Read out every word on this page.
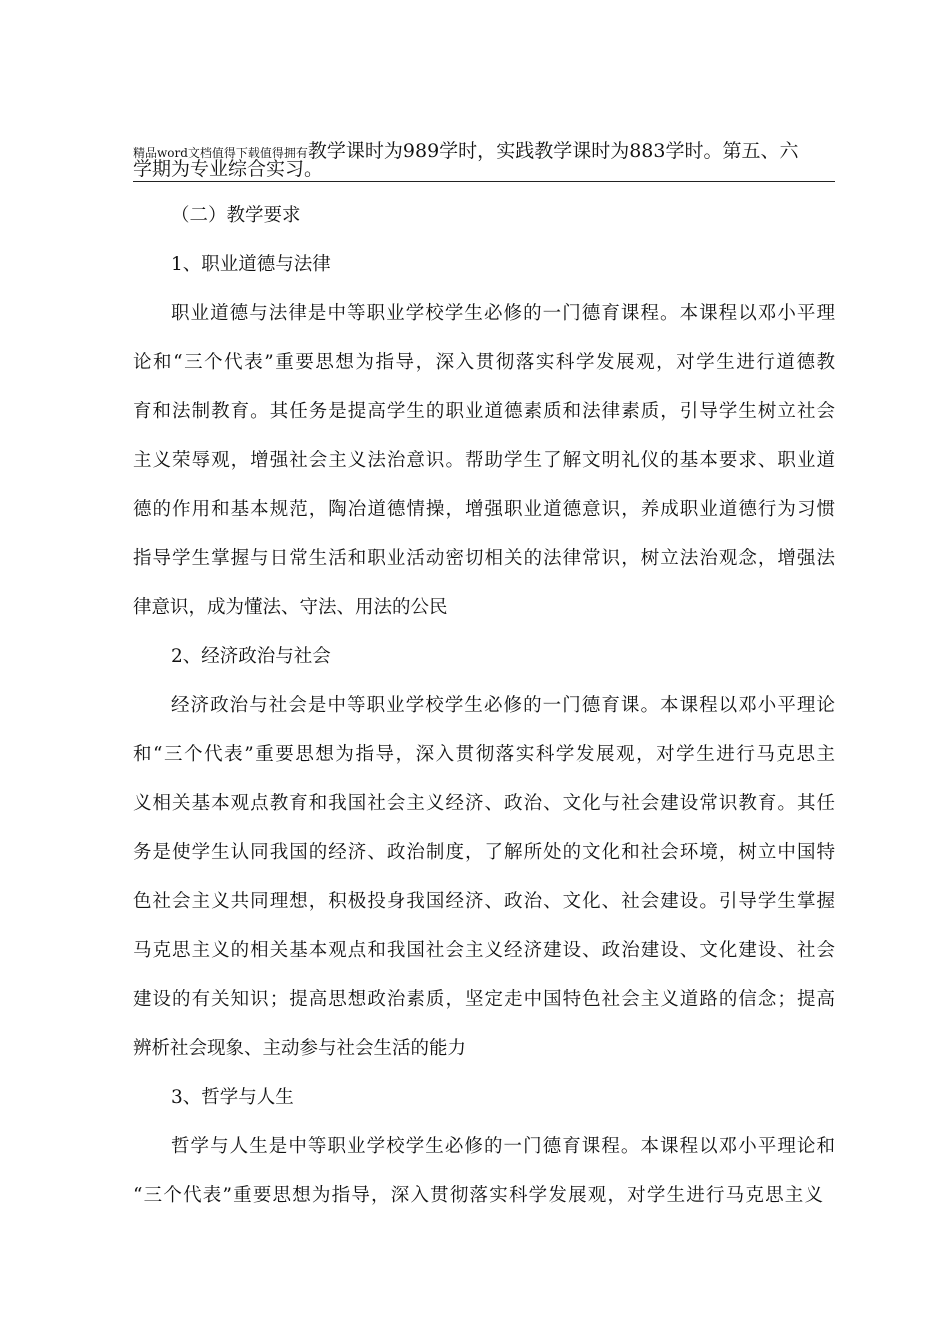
精品word文档值得下载值得拥有教学课时为989学时，实践教学课时为883学时。第五、六
学期为专业综合实习。
（二）教学要求
1、职业道德与法律
职业道德与法律是中等职业学校学生必修的一门德育课程。本课程以邓小平理
论和“三个代表”重要思想为指导，深入贯彻落实科学发展观，对学生进行道德教
育和法制教育。其任务是提高学生的职业道德素质和法律素质，引导学生树立社会
主义荣辱观，增强社会主义法治意识。帮助学生了解文明礼仪的基本要求、职业道
德的作用和基本规范，陶冶道德情操，增强职业道德意识，养成职业道德行为习惯
指导学生掌握与日常生活和职业活动密切相关的法律常识，树立法治观念，增强法
律意识，成为懂法、守法、用法的公民
2、经济政治与社会
经济政治与社会是中等职业学校学生必修的一门德育课。本课程以邓小平理论
和“三个代表”重要思想为指导，深入贯彻落实科学发展观，对学生进行马克思主
义相关基本观点教育和我国社会主义经济、政治、文化与社会建设常识教育。其任
务是使学生认同我国的经济、政治制度，了解所处的文化和社会环境，树立中国特
色社会主义共同理想，积极投身我国经济、政治、文化、社会建设。引导学生掌握
马克思主义的相关基本观点和我国社会主义经济建设、政治建设、文化建设、社会
建设的有关知识；提高思想政治素质，坚定走中国特色社会主义道路的信念；提高
辨析社会现象、主动参与社会生活的能力
3、哲学与人生
哲学与人生是中等职业学校学生必修的一门德育课程。本课程以邓小平理论和
“三个代表”重要思想为指导，深入贯彻落实科学发展观，对学生进行马克思主义
